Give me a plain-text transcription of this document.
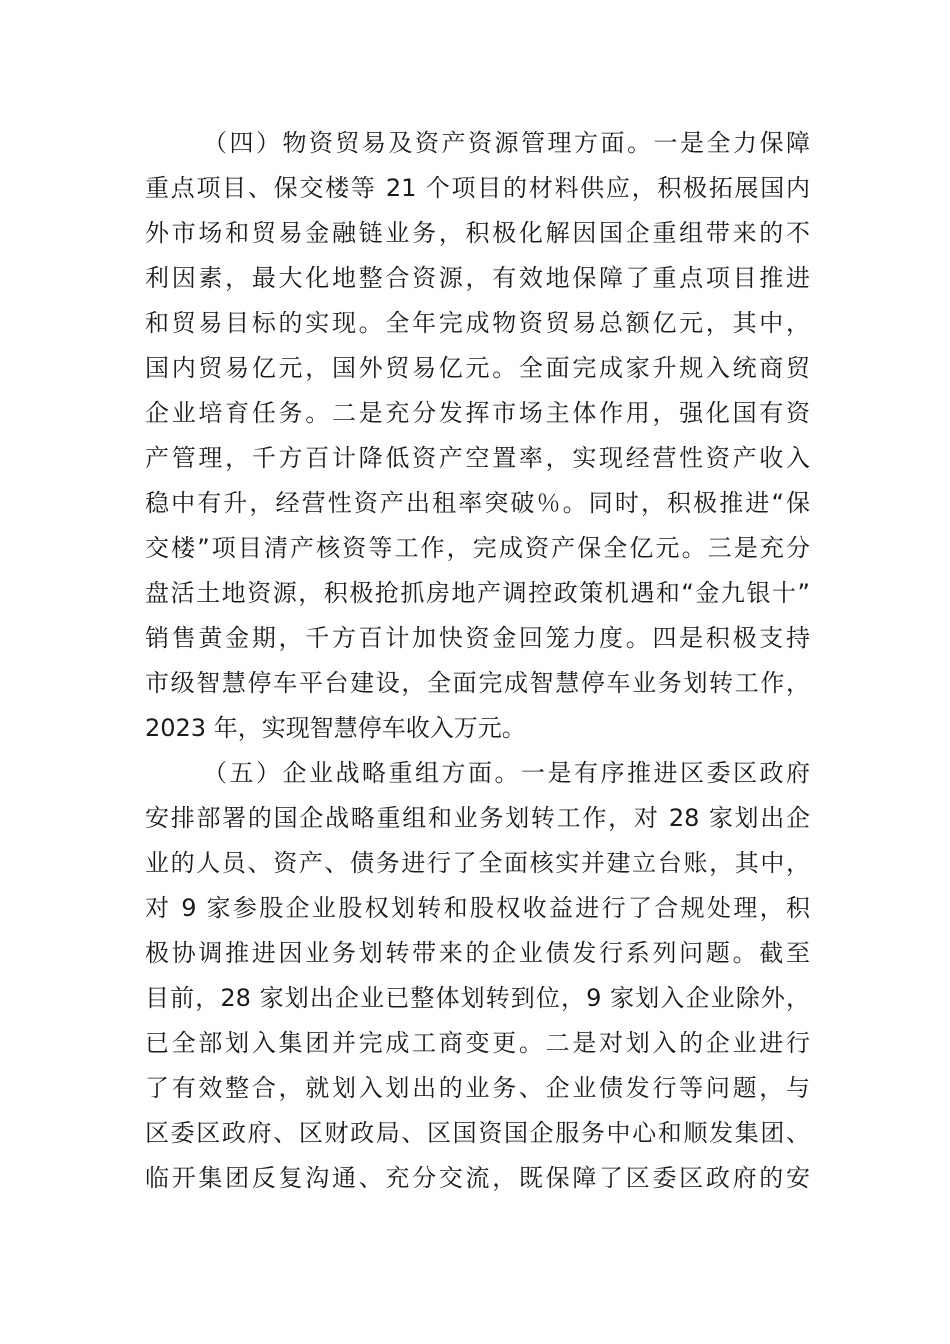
（四）物资贸易及资产资源管理方面。一是全力保障
重点项目、保交楼等 21 个项目的材料供应，积极拓展国内
外市场和贸易金融链业务，积极化解因国企重组带来的不
利因素，最大化地整合资源，有效地保障了重点项目推进
和贸易目标的实现。全年完成物资贸易总额亿元，其中，
国内贸易亿元，国外贸易亿元。全面完成家升规入统商贸
企业培育任务。二是充分发挥市场主体作用，强化国有资
产管理，千方百计降低资产空置率，实现经营性资产收入
稳中有升，经营性资产出租率突破％。同时，积极推进“保
交楼”项目清产核资等工作，完成资产保全亿元。三是充分
盘活土地资源，积极抢抓房地产调控政策机遇和“金九银十”
销售黄金期，千方百计加快资金回笼力度。四是积极支持
市级智慧停车平台建设，全面完成智慧停车业务划转工作，
2023 年，实现智慧停车收入万元。
（五）企业战略重组方面。一是有序推进区委区政府
安排部署的国企战略重组和业务划转工作，对 28 家划出企
业的人员、资产、债务进行了全面核实并建立台账，其中，
对 9 家参股企业股权划转和股权收益进行了合规处理，积
极协调推进因业务划转带来的企业债发行系列问题。截至
目前，28 家划出企业已整体划转到位，9 家划入企业除外，
已全部划入集团并完成工商变更。二是对划入的企业进行
了有效整合，就划入划出的业务、企业债发行等问题，与
区委区政府、区财政局、区国资国企服务中心和顺发集团、
临开集团反复沟通、充分交流，既保障了区委区政府的安
